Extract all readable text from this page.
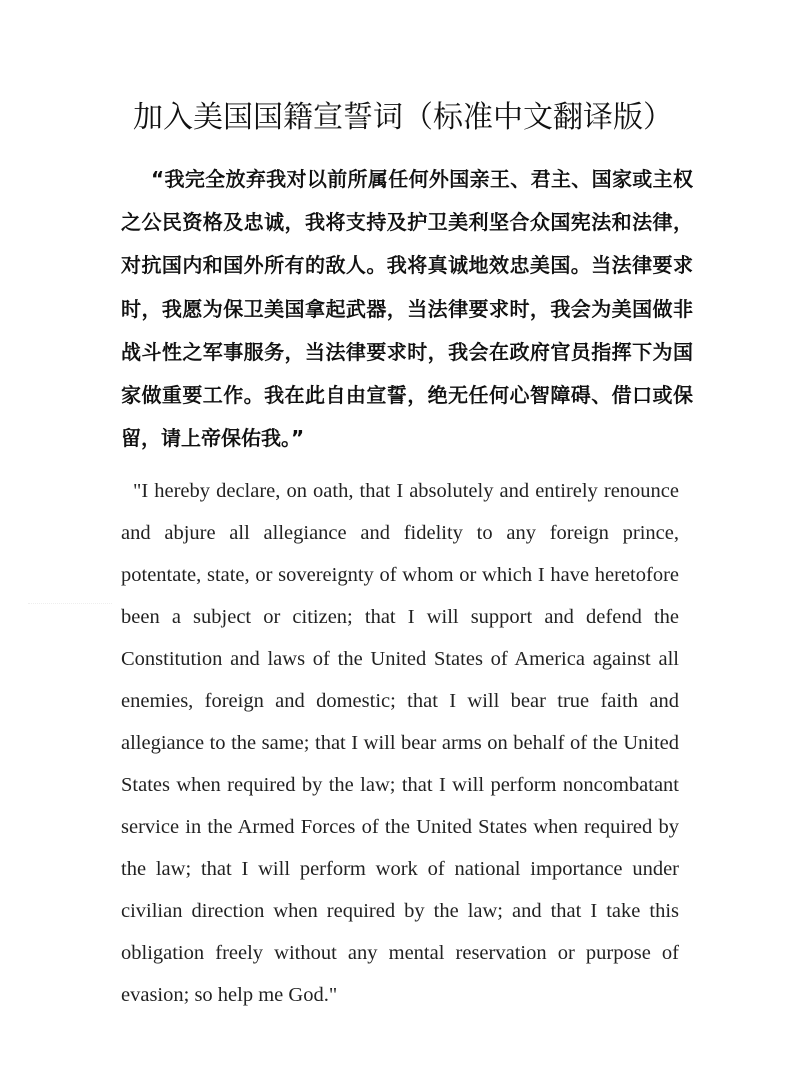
加入美国国籍宣誓词（标准中文翻译版）

“我完全放弃我对以前所属任何外国亲王、君主、国家或主权之公民资格及忠诚，我将支持及护卫美利坚合众国宪法和法律，对抗国内和国外所有的敌人。我将真诚地效忠美国。当法律要求时，我愿为保卫美国拿起武器，当法律要求时，我会为美国做非战斗性之军事服务，当法律要求时，我会在政府官员指挥下为国家做重要工作。我在此自由宣誓，绝无任何心智障碍、借口或保留，请上帝保佑我。”

"I hereby declare, on oath, that I absolutely and entirely renounce and abjure all allegiance and fidelity to any foreign prince, potentate, state, or sovereignty of whom or which I have heretofore been a subject or citizen; that I will support and defend the Constitution and laws of the United States of America against all enemies, foreign and domestic; that I will bear true faith and allegiance to the same; that I will bear arms on behalf of the United States when required by the law; that I will perform noncombatant service in the Armed Forces of the United States when required by the law; that I will perform work of national importance under civilian direction when required by the law; and that I take this obligation freely without any mental reservation or purpose of evasion; so help me God."
